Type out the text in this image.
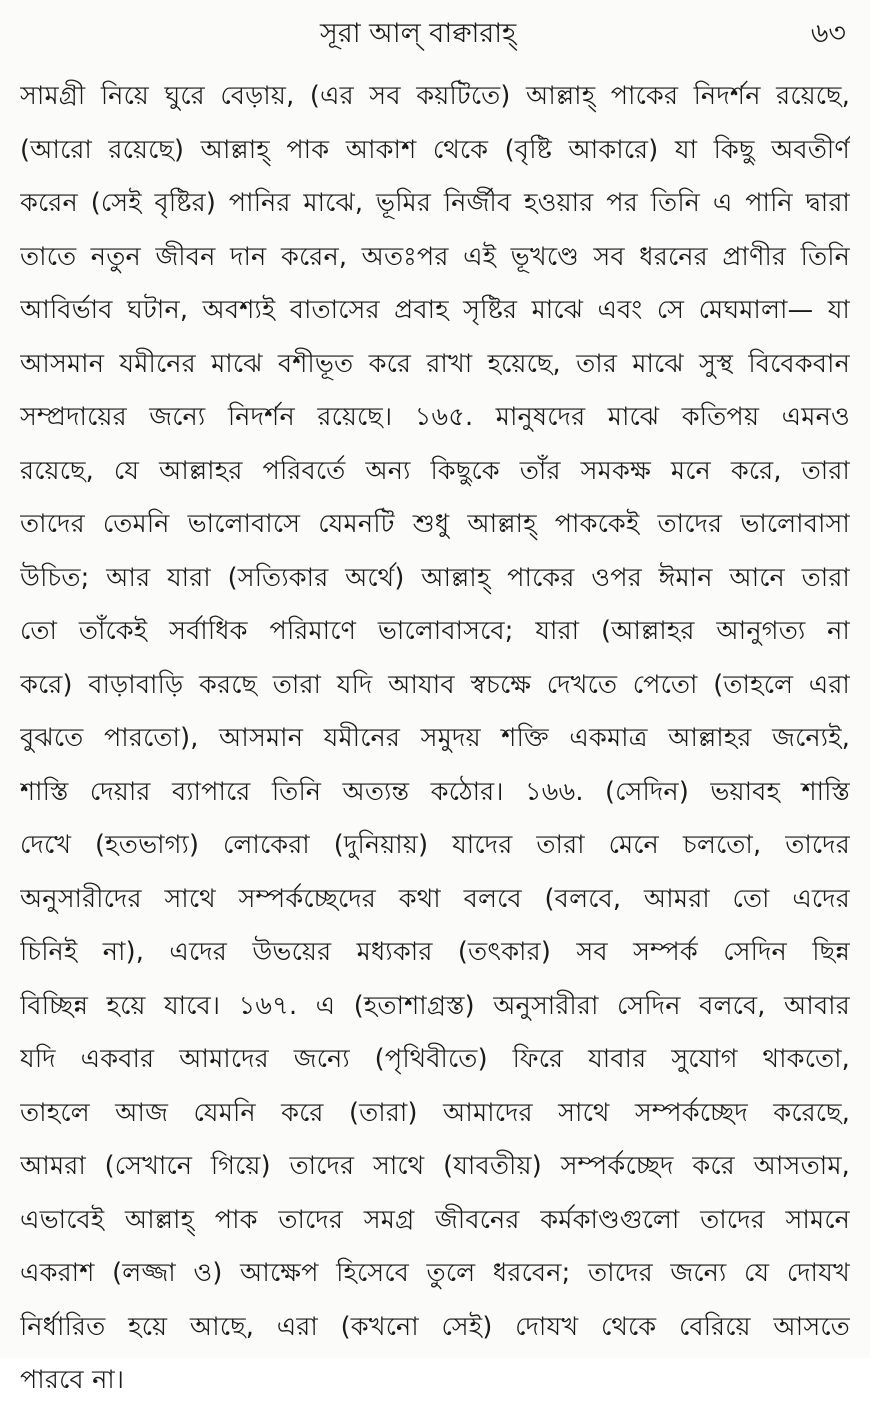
সূরা আল্ বাক্বারাহ্	৬৩
সামগ্রী নিয়ে ঘুরে বেড়ায়, (এর সব কয়টিতে) আল্লাহ্ পাকের নিদর্শন রয়েছে,
(আরো রয়েছে) আল্লাহ্ পাক আকাশ থেকে (বৃষ্টি আকারে) যা কিছু অবতীর্ণ
করেন (সেই বৃষ্টির) পানির মাঝে, ভূমির নির্জীব হওয়ার পর তিনি এ পানি দ্বারা
তাতে নতুন জীবন দান করেন, অতঃপর এই ভূখণ্ডে সব ধরনের প্রাণীর তিনি
আবির্ভাব ঘটান, অবশ্যই বাতাসের প্রবাহ সৃষ্টির মাঝে এবং সে মেঘমালা— যা
আসমান যমীনের মাঝে বশীভূত করে রাখা হয়েছে, তার মাঝে সুস্থ বিবেকবান
সম্প্রদায়ের জন্যে নিদর্শন রয়েছে। ১৬৫. মানুষদের মাঝে কতিপয় এমনও
রয়েছে, যে আল্লাহর পরিবর্তে অন্য কিছুকে তাঁর সমকক্ষ মনে করে, তারা
তাদের তেমনি ভালোবাসে যেমনটি শুধু আল্লাহ্ পাককেই তাদের ভালোবাসা
উচিত; আর যারা (সত্যিকার অর্থে) আল্লাহ্ পাকের ওপর ঈমান আনে তারা
তো তাঁকেই সর্বাধিক পরিমাণে ভালোবাসবে; যারা (আল্লাহর আনুগত্য না
করে) বাড়াবাড়ি করছে তারা যদি আযাব স্বচক্ষে দেখতে পেতো (তাহলে এরা
বুঝতে পারতো), আসমান যমীনের সমুদয় শক্তি একমাত্র আল্লাহর জন্যেই,
শাস্তি দেয়ার ব্যাপারে তিনি অত্যন্ত কঠোর। ১৬৬. (সেদিন) ভয়াবহ শাস্তি
দেখে (হতভাগ্য) লোকেরা (দুনিয়ায়) যাদের তারা মেনে চলতো, তাদের
অনুসারীদের সাথে সম্পর্কচ্ছেদের কথা বলবে (বলবে, আমরা তো এদের
চিনিই না), এদের উভয়ের মধ্যকার (তৎকার) সব সম্পর্ক সেদিন ছিন্ন
বিচ্ছিন্ন হয়ে যাবে। ১৬৭. এ (হতাশাগ্রস্ত) অনুসারীরা সেদিন বলবে, আবার
যদি একবার আমাদের জন্যে (পৃথিবীতে) ফিরে যাবার সুযোগ থাকতো,
তাহলে আজ যেমনি করে (তারা) আমাদের সাথে সম্পর্কচ্ছেদ করেছে,
আমরা (সেখানে গিয়ে) তাদের সাথে (যাবতীয়) সম্পর্কচ্ছেদ করে আসতাম,
এভাবেই আল্লাহ্ পাক তাদের সমগ্র জীবনের কর্মকাণ্ডগুলো তাদের সামনে
একরাশ (লজ্জা ও) আক্ষেপ হিসেবে তুলে ধরবেন; তাদের জন্যে যে দোযখ
নির্ধারিত হয়ে আছে, এরা (কখনো সেই) দোযখ থেকে বেরিয়ে আসতে
পারবে না।
